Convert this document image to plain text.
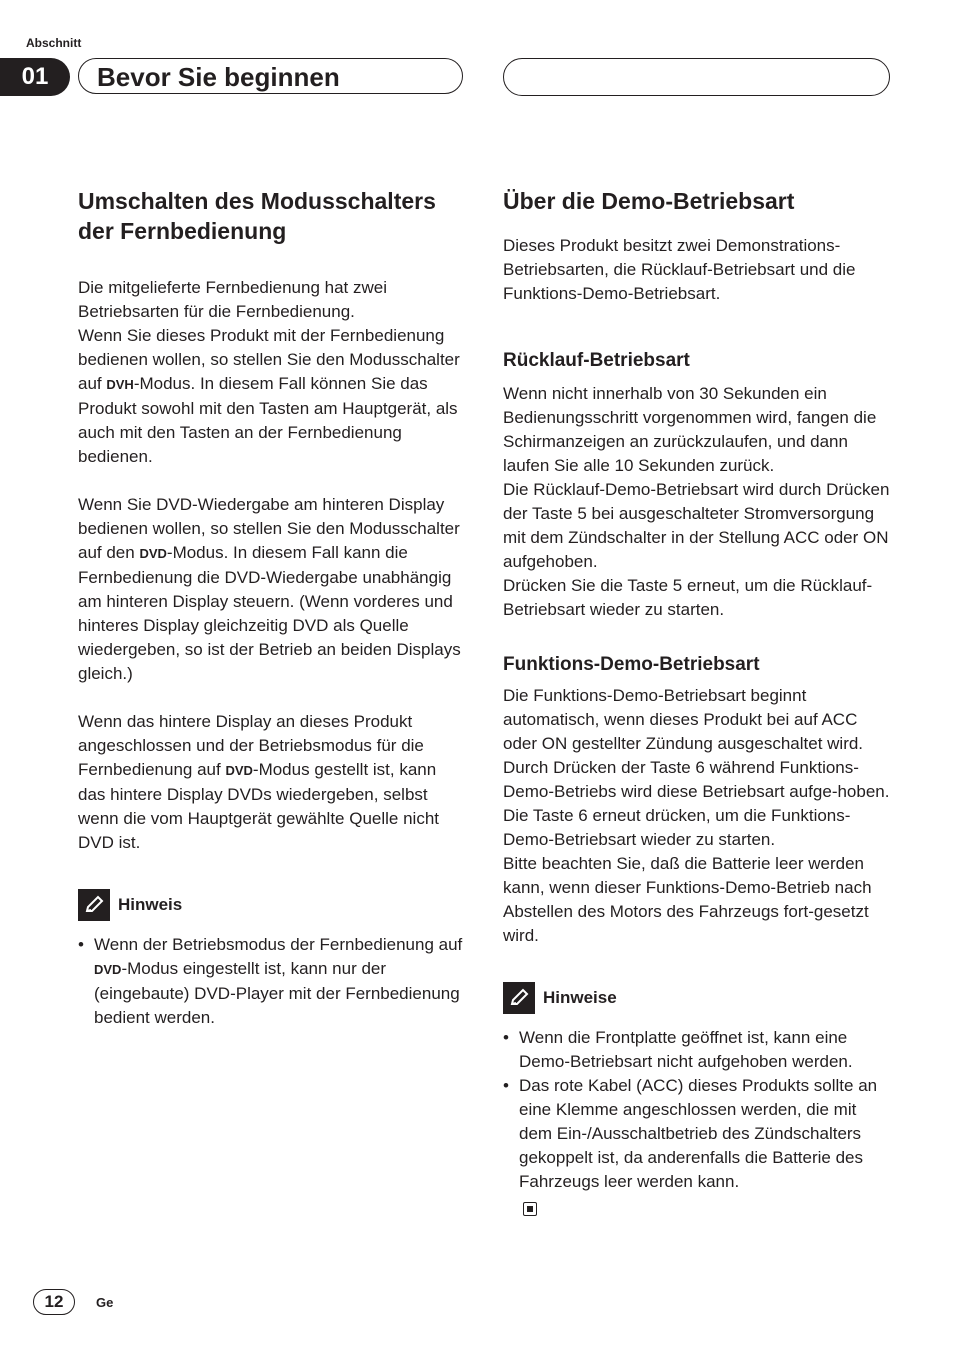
Abschnitt
01	Bevor Sie beginnen
Umschalten des Modusschalters der Fernbedienung

Die mitgelieferte Fernbedienung hat zwei Betriebsarten für die Fernbedienung.
Wenn Sie dieses Produkt mit der Fernbedienung bedienen wollen, so stellen Sie den Modusschalter auf DVH-Modus. In diesem Fall können Sie das Produkt sowohl mit den Tasten am Hauptgerät, als auch mit den Tasten an der Fernbedienung bedienen.

Wenn Sie DVD-Wiedergabe am hinteren Display bedienen wollen, so stellen Sie den Modusschalter auf den DVD-Modus. In diesem Fall kann die Fernbedienung die DVD-Wiedergabe unabhängig am hinteren Display steuern. (Wenn vorderes und hinteres Display gleichzeitig DVD als Quelle wiedergeben, so ist der Betrieb an beiden Displays gleich.)

Wenn das hintere Display an dieses Produkt angeschlossen und der Betriebsmodus für die Fernbedienung auf DVD-Modus gestellt ist, kann das hintere Display DVDs wiedergeben, selbst wenn die vom Hauptgerät gewählte Quelle nicht DVD ist.

Hinweis
• Wenn der Betriebsmodus der Fernbedienung auf DVD-Modus eingestellt ist, kann nur der (eingebaute) DVD-Player mit der Fernbedienung bedient werden.
Über die Demo-Betriebsart

Dieses Produkt besitzt zwei Demonstrations-Betriebsarten, die Rücklauf-Betriebsart und die Funktions-Demo-Betriebsart.

Rücklauf-Betriebsart

Wenn nicht innerhalb von 30 Sekunden ein Bedienungsschritt vorgenommen wird, fangen die Schirmanzeigen an zurückzulaufen, und dann laufen Sie alle 10 Sekunden zurück.
Die Rücklauf-Demo-Betriebsart wird durch Drücken der Taste 5 bei ausgeschalteter Stromversorgung mit dem Zündschalter in der Stellung ACC oder ON aufgehoben.
Drücken Sie die Taste 5 erneut, um die Rücklauf-Betriebsart wieder zu starten.

Funktions-Demo-Betriebsart

Die Funktions-Demo-Betriebsart beginnt automatisch, wenn dieses Produkt bei auf ACC oder ON gestellter Zündung ausgeschaltet wird. Durch Drücken der Taste 6 während Funktions-Demo-Betriebs wird diese Betriebsart aufge-hoben. Die Taste 6 erneut drücken, um die Funktions-Demo-Betriebsart wieder zu starten.
Bitte beachten Sie, daß die Batterie leer werden kann, wenn dieser Funktions-Demo-Betrieb nach Abstellen des Motors des Fahrzeugs fort-gesetzt wird.

Hinweise
• Wenn die Frontplatte geöffnet ist, kann eine Demo-Betriebsart nicht aufgehoben werden.
• Das rote Kabel (ACC) dieses Produkts sollte an eine Klemme angeschlossen werden, die mit dem Ein-/Ausschaltbetrieb des Zündschalters gekoppelt ist, da anderenfalls die Batterie des Fahrzeugs leer werden kann.
12	Ge
